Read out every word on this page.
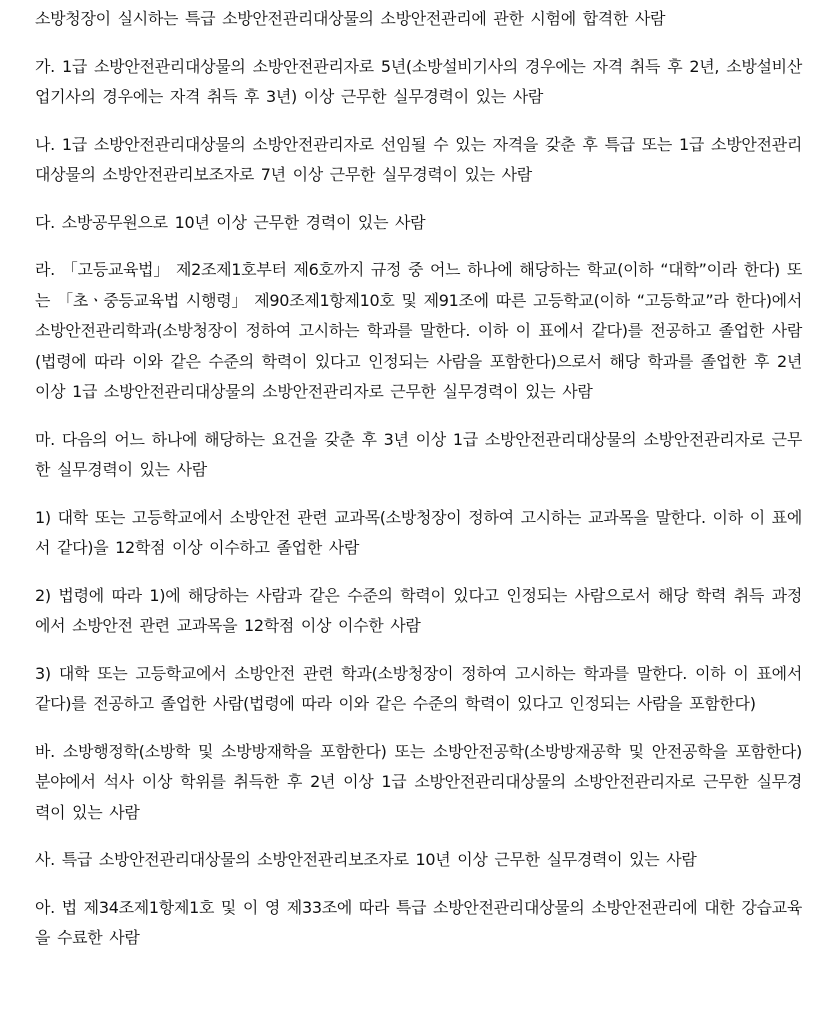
소방청장이 실시하는 특급 소방안전관리대상물의 소방안전관리에 관한 시험에 합격한 사람

가. 1급 소방안전관리대상물의 소방안전관리자로 5년(소방설비기사의 경우에는 자격 취득 후 2년, 소방설비산업기사의 경우에는 자격 취득 후 3년) 이상 근무한 실무경력이 있는 사람

나. 1급 소방안전관리대상물의 소방안전관리자로 선임될 수 있는 자격을 갖춘 후 특급 또는 1급 소방안전관리대상물의 소방안전관리보조자로 7년 이상 근무한 실무경력이 있는 사람

다. 소방공무원으로 10년 이상 근무한 경력이 있는 사람

라. 「고등교육법」 제2조제1호부터 제6호까지 규정 중 어느 하나에 해당하는 학교(이하 “대학”이라 한다) 또는 「초ㆍ중등교육법 시행령」 제90조제1항제10호 및 제91조에 따른 고등학교(이하 “고등학교”라 한다)에서 소방안전관리학과(소방청장이 정하여 고시하는 학과를 말한다. 이하 이 표에서 같다)를 전공하고 졸업한 사람(법령에 따라 이와 같은 수준의 학력이 있다고 인정되는 사람을 포함한다)으로서 해당 학과를 졸업한 후 2년 이상 1급 소방안전관리대상물의 소방안전관리자로 근무한 실무경력이 있는 사람

마. 다음의 어느 하나에 해당하는 요건을 갖춘 후 3년 이상 1급 소방안전관리대상물의 소방안전관리자로 근무한 실무경력이 있는 사람

1) 대학 또는 고등학교에서 소방안전 관련 교과목(소방청장이 정하여 고시하는 교과목을 말한다. 이하 이 표에서 같다)을 12학점 이상 이수하고 졸업한 사람

2) 법령에 따라 1)에 해당하는 사람과 같은 수준의 학력이 있다고 인정되는 사람으로서 해당 학력 취득 과정에서 소방안전 관련 교과목을 12학점 이상 이수한 사람

3) 대학 또는 고등학교에서 소방안전 관련 학과(소방청장이 정하여 고시하는 학과를 말한다. 이하 이 표에서 같다)를 전공하고 졸업한 사람(법령에 따라 이와 같은 수준의 학력이 있다고 인정되는 사람을 포함한다)

바. 소방행정학(소방학 및 소방방재학을 포함한다) 또는 소방안전공학(소방방재공학 및 안전공학을 포함한다) 분야에서 석사 이상 학위를 취득한 후 2년 이상 1급 소방안전관리대상물의 소방안전관리자로 근무한 실무경력이 있는 사람

사. 특급 소방안전관리대상물의 소방안전관리보조자로 10년 이상 근무한 실무경력이 있는 사람

아. 법 제34조제1항제1호 및 이 영 제33조에 따라 특급 소방안전관리대상물의 소방안전관리에 대한 강습교육을 수료한 사람
